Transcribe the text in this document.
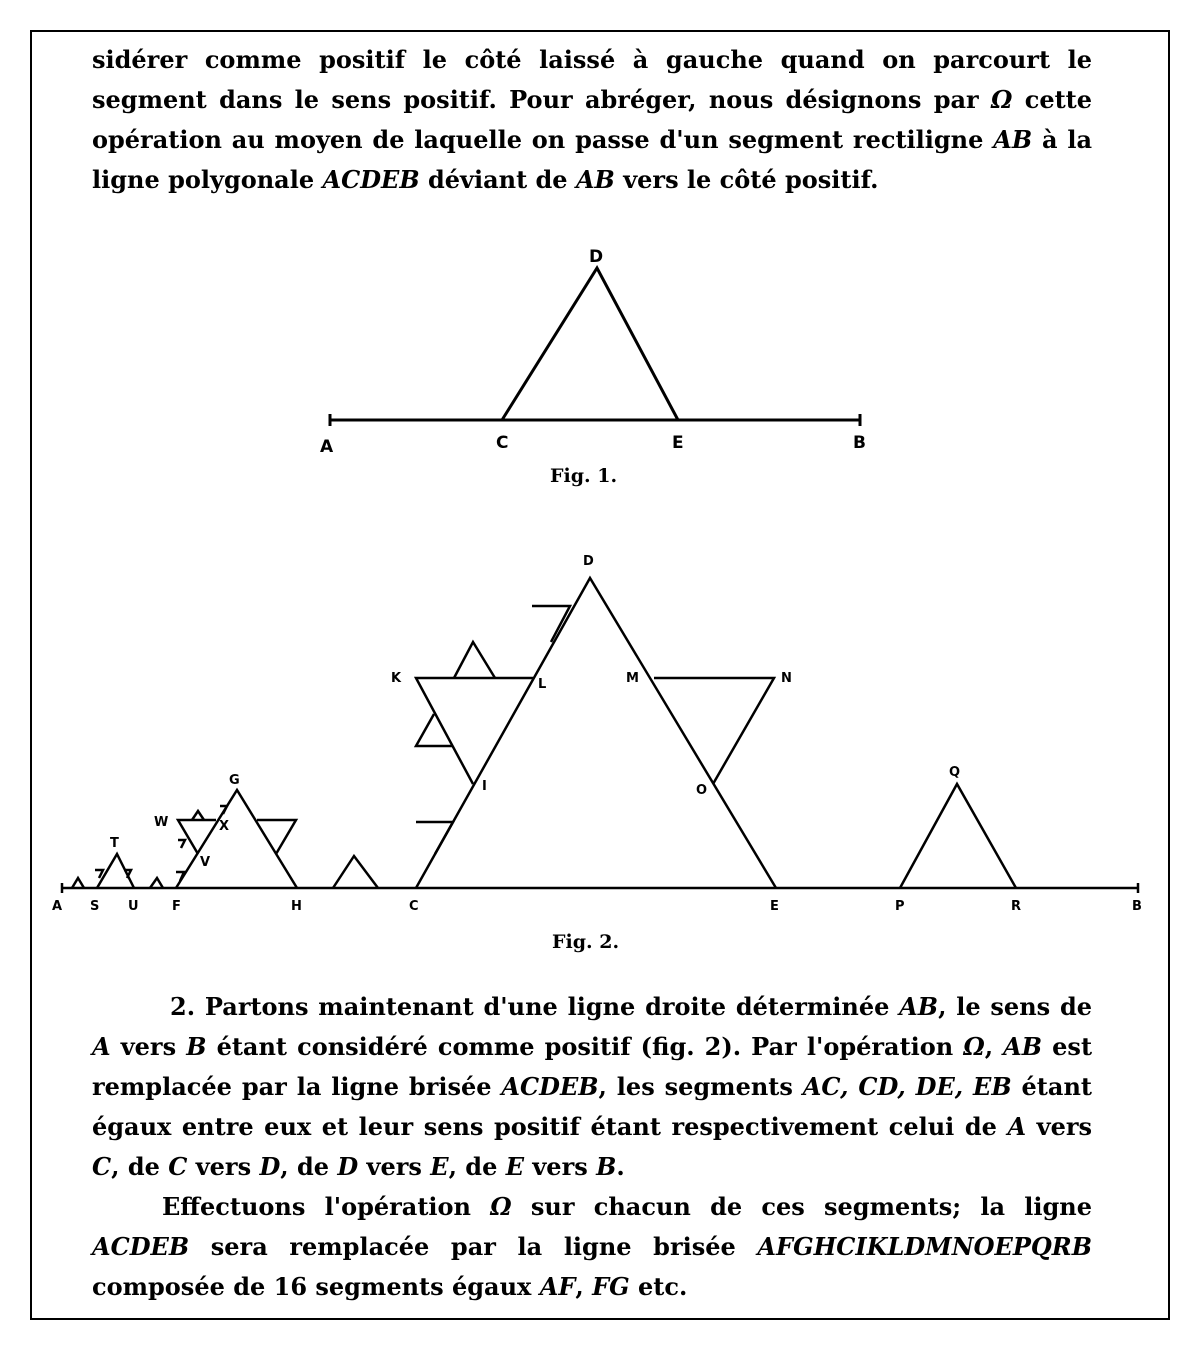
sidérer comme positif le côté laissé à gauche quand on parcourt le segment dans le sens positif. Pour abréger, nous désignons par Ω cette opération au moyen de laquelle on passe d'un segment rectiligne AB à la ligne polygonale ACDEB déviant de AB vers le côté positif.

A	C
D
E	B
Fig. 1.
A S U	F	H	C	E	P	R	B
T
W	X
V
G
D
K	L	M	N
I	O
Q
Fig. 2.

2. Partons maintenant d'une ligne droite déterminée AB, le sens de A vers B étant considéré comme positif (fig. 2). Par l'opération Ω, AB est remplacée par la ligne brisée ACDEB, les segments AC, CD, DE, EB étant égaux entre eux et leur sens positif étant respectivement celui de A vers C, de C vers D, de D vers E, de E vers B.

Effectuons l'opération Ω sur chacun de ces segments; la ligne ACDEB sera remplacée par la ligne brisée AFGHCIKLDMNOEPQRB composée de 16 segments égaux AF, FG etc.
